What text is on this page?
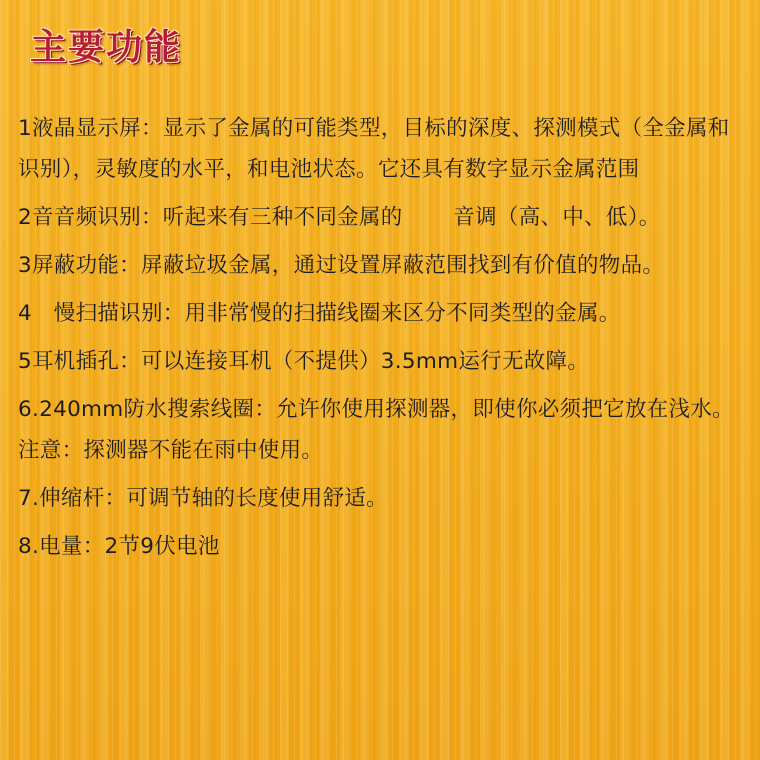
主要功能

1液晶显示屏：显示了金属的可能类型，目标的深度、探测模式（全金属和识别），灵敏度的水平，和电池状态。它还具有数字显示金属范围

2音音频识别：听起来有三种不同金属的　　 音调（高、中、低）。

3屏蔽功能：屏蔽垃圾金属，通过设置屏蔽范围找到有价值的物品。

4　慢扫描识别：用非常慢的扫描线圈来区分不同类型的金属。

5耳机插孔：可以连接耳机（不提供）3.5mm运行无故障。

6.240mm防水搜索线圈：允许你使用探测器，即使你必须把它放在浅水。注意：探测器不能在雨中使用。

7.伸缩杆：可调节轴的长度使用舒适。

8.电量：2节9伏电池
